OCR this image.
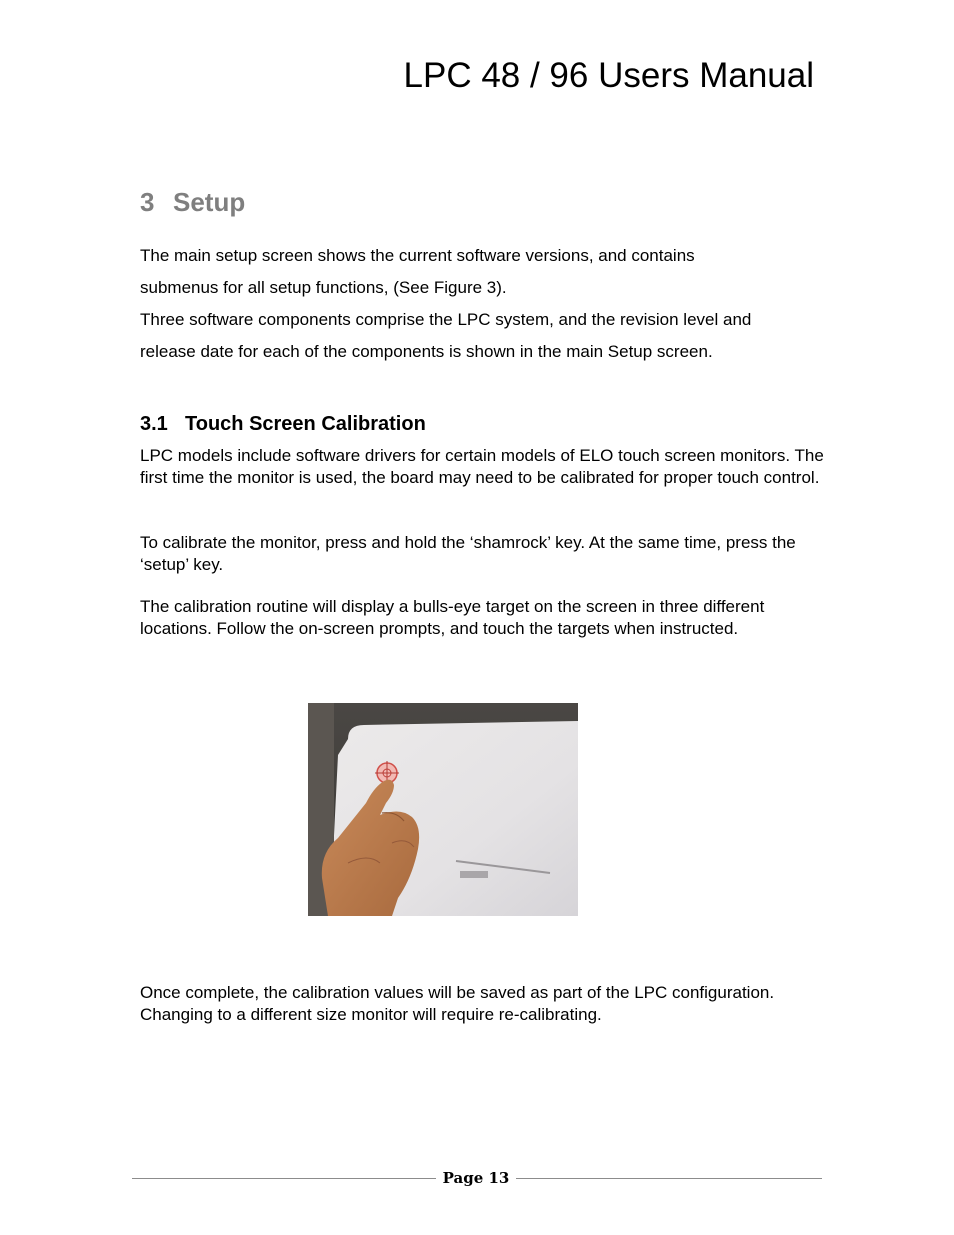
LPC 48 / 96 Users Manual
3 Setup

The main setup screen shows the current software versions, and contains
submenus for all setup functions, (See Figure 3).

Three software components comprise the LPC system, and the revision level and
release date for each of the components is shown in the main Setup screen.

3.1 Touch Screen Calibration

LPC models include software drivers for certain models of ELO touch screen monitors. The first time the monitor is used, the board may need to be calibrated for proper touch control.

To calibrate the monitor, press and hold the ‘shamrock’ key. At the same time, press the ‘setup’ key.

The calibration routine will display a bulls-eye target on the screen in three different locations. Follow the on-screen prompts, and touch the targets when instructed.

Once complete, the calibration values will be saved as part of the LPC configuration. Changing to a different size monitor will require re-calibrating.

Page 13
